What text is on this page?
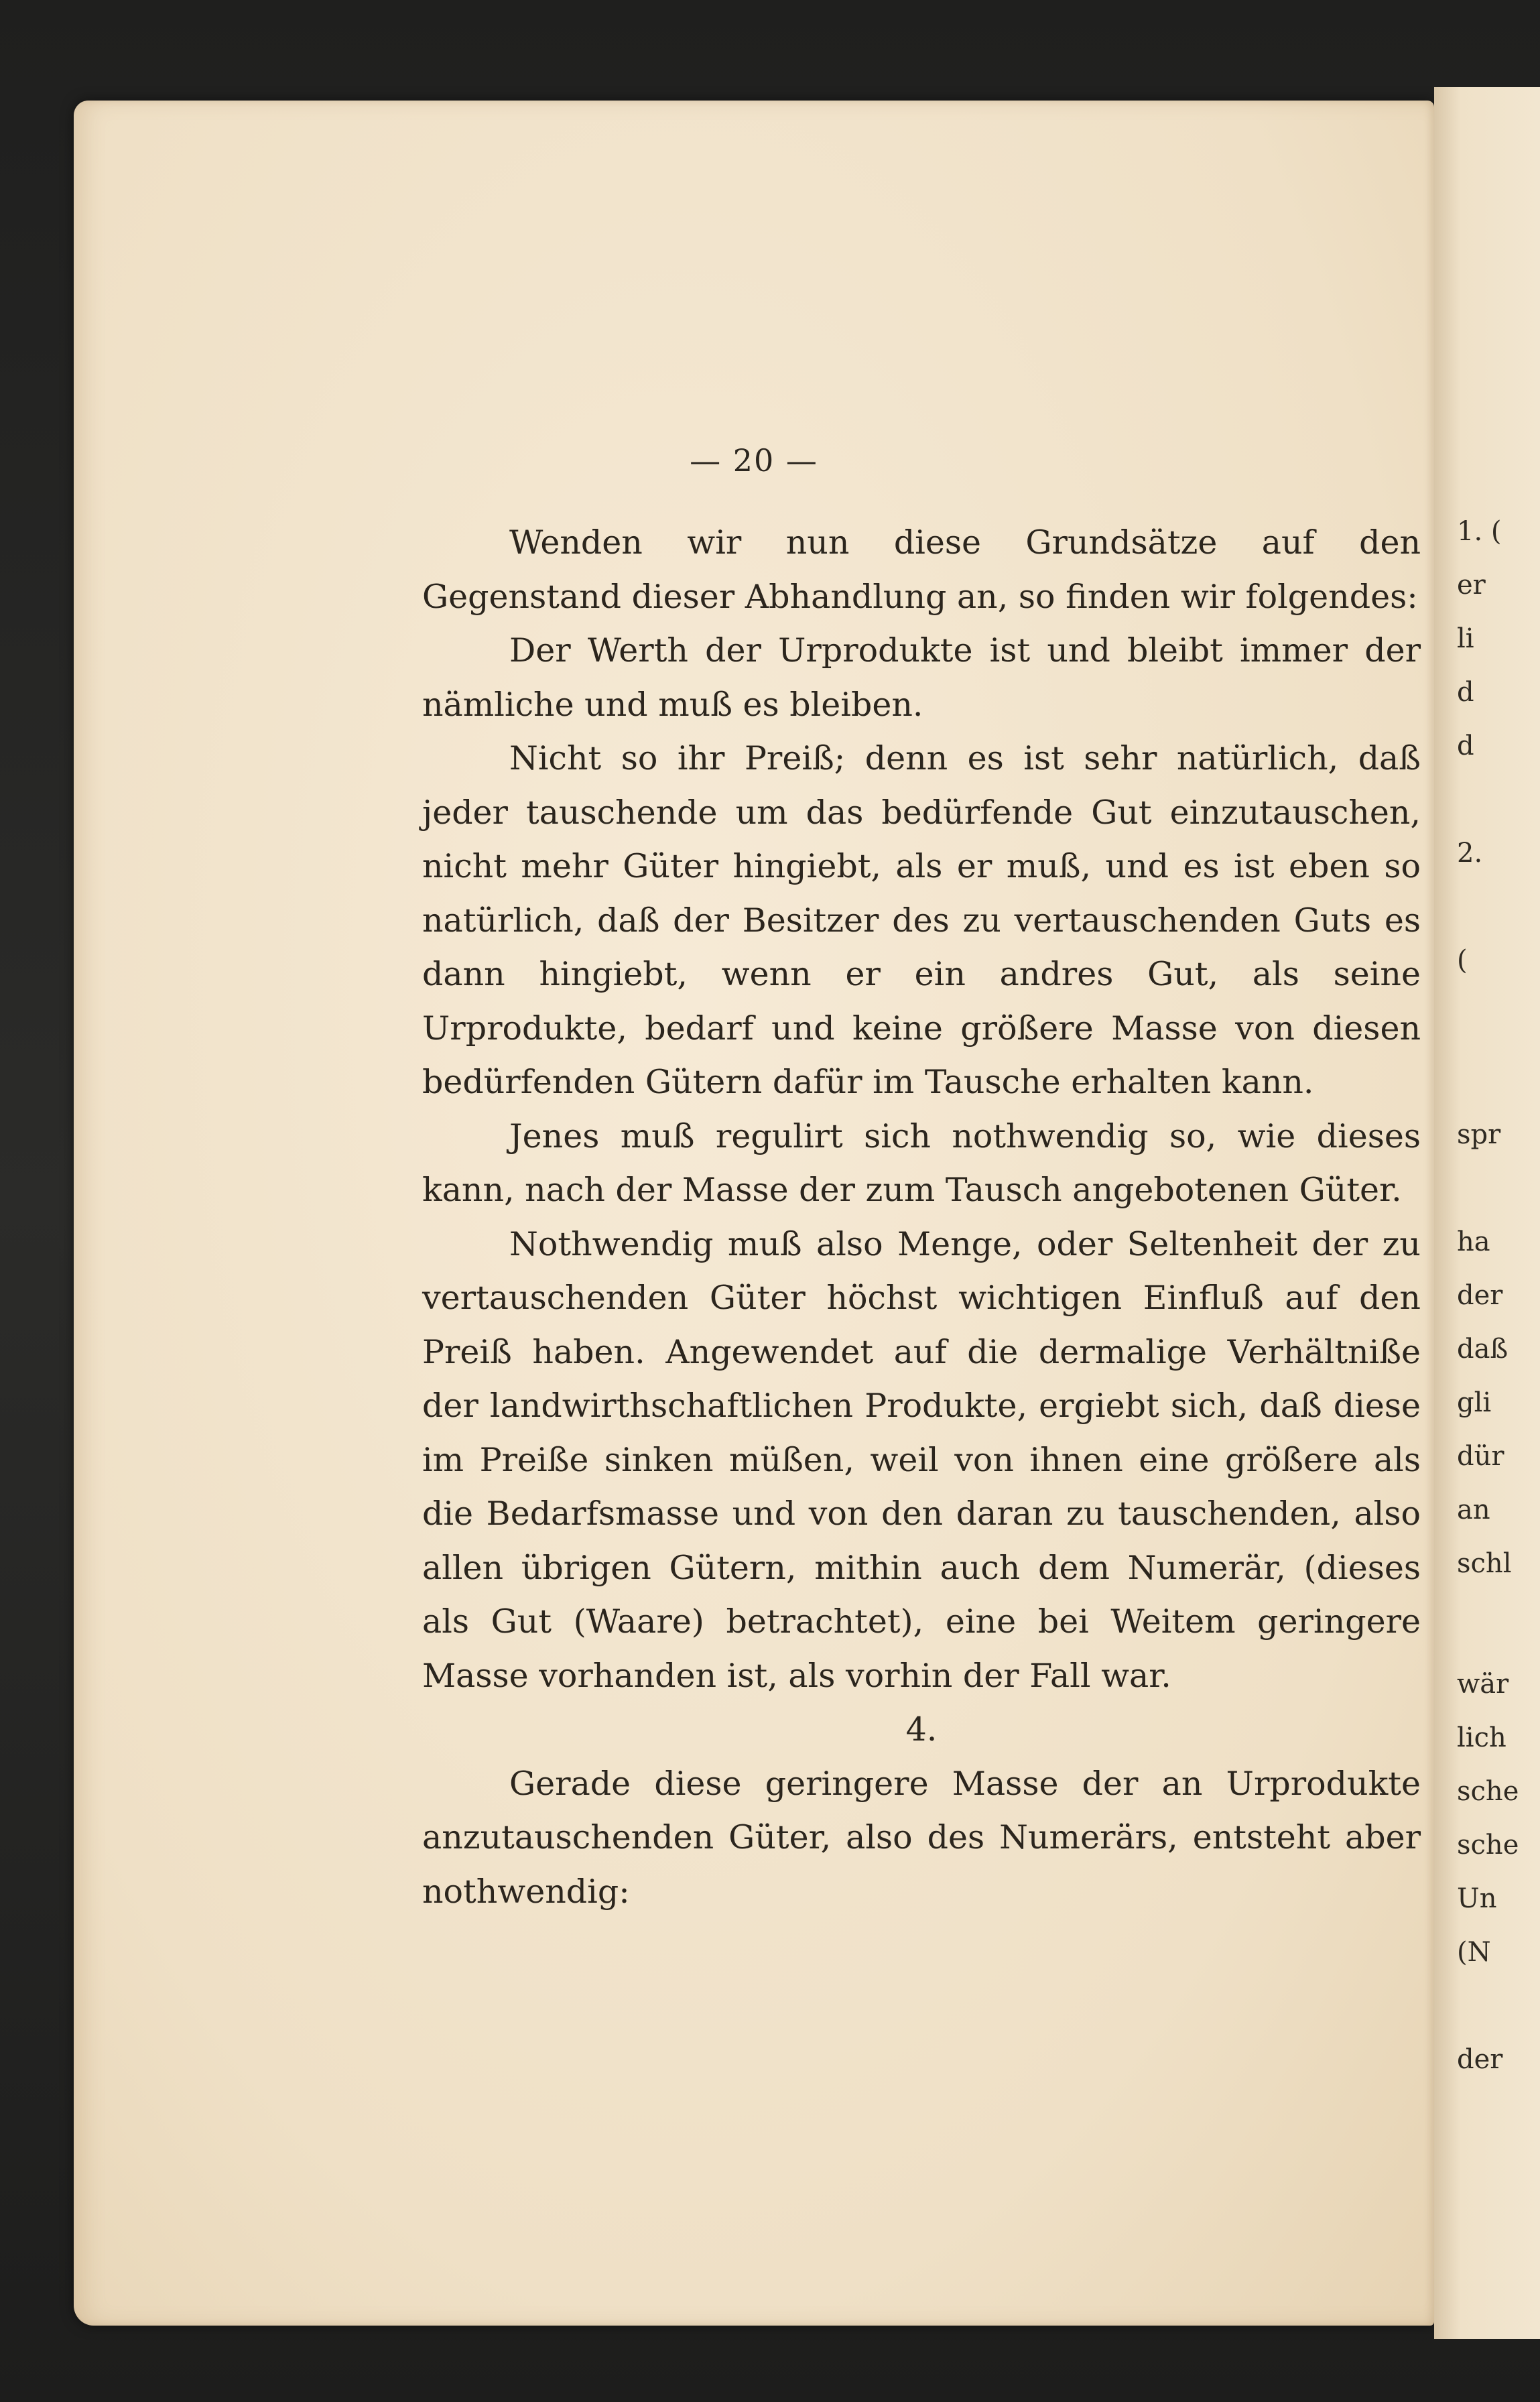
— 20 —

Wenden wir nun diese Grundsätze auf den Gegenstand dieser Abhandlung an, so finden wir folgendes:

Der Werth der Urprodukte ist und bleibt immer der nämliche und muß es bleiben.

Nicht so ihr Preiß; denn es ist sehr natürlich, daß jeder tauschende um das bedürfende Gut einzutauschen, nicht mehr Güter hingiebt, als er muß, und es ist eben so natürlich, daß der Besitzer des zu vertauschenden Guts es dann hingiebt, wenn er ein andres Gut, als seine Urprodukte, bedarf und keine größere Masse von diesen bedürfenden Gütern dafür im Tausche erhalten kann.

Jenes muß regulirt sich nothwendig so, wie dieses kann, nach der Masse der zum Tausch angebotenen Güter.

Nothwendig muß also Menge, oder Seltenheit der zu vertauschenden Güter höchst wichtigen Einfluß auf den Preiß haben. Angewendet auf die dermalige Verhältniße der landwirthschaftlichen Produkte, ergiebt sich, daß diese im Preiße sinken müßen, weil von ihnen eine größere als die Bedarfsmasse und von den daran zu tauschenden, also allen übrigen Gütern, mithin auch dem Numerär, (dieses als Gut (Waare) betrachtet), eine bei Weitem geringere Masse vorhanden ist, als vorhin der Fall war.

4.

Gerade diese geringere Masse der an Urprodukte anzutauschenden Güter, also des Numerärs, entsteht aber nothwendig:

1. (
er
li
d
d
2.
(
spr
ha
der
daß
gli
dür
an
schl
wär
lich
sche
sche
Un
(N
der
